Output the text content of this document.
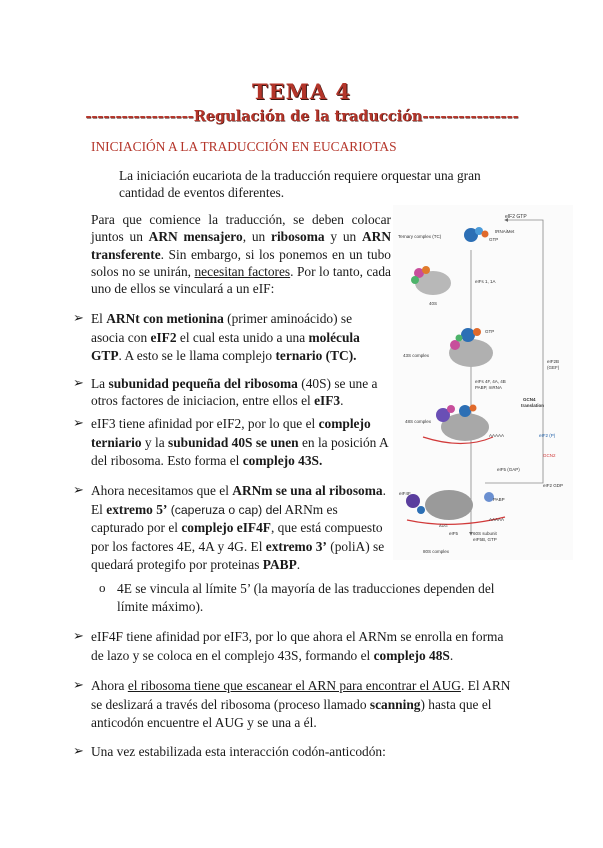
TEMA 4
------------------Regulación de la traducción----------------
INICIACIÓN A LA TRADUCCIÓN EN EUCARIOTAS

La iniciación eucariota de la traducción requiere orquestar una gran cantidad de eventos diferentes.

Para que comience la traducción, se deben colocar juntos un ARN mensajero, un ribosoma y un ARN transferente. Sin embargo, si los ponemos en un tubo solos no se unirán, necesitan factores. Por lo tanto, cada uno de ellos se vinculará a un eIF:

➢ El ARNt con metionina (primer aminoácido) se asocia con eIF2 el cual esta unido a una molécula GTP. A esto se le llama complejo ternario (TC).

➢ La subunidad pequeña del ribosoma (40S) se une a otros factores de iniciacion, entre ellos el eIF3.

➢ eIF3 tiene afinidad por eIF2, por lo que el complejo terniario y la subunidad 40S se unen en la posición A del ribosoma. Esto forma el complejo 43S.

➢ Ahora necesitamos que el ARNm se una al ribosoma. El extremo 5’ (caperuza o cap) del ARNm es capturado por el complejo eIF4F, que está compuesto por los factores 4E, 4A y 4G. El extremo 3’ (poliA) se quedará protegifo por proteinas PABP.

o 4E se vincula al límite 5’ (la mayoría de las traducciones dependen del límite máximo).

➢ eIF4F tiene afinidad por eIF3, por lo que ahora el ARNm se enrolla en forma de lazo y se coloca en el complejo 43S, formando el complejo 48S.

➢ Ahora el ribosoma tiene que escanear el ARN para encontrar el AUG. El ARN se deslizará a través del ribosoma (proceso llamado scanning) hasta que el anticodón encuentre el AUG y se una a él.

➢ Una vez estabilizada esta interacción codón-anticodón:

eIF2 GTP
tRNAiMet
Ternary complex (TC)
GTP
eIFs 1, 1A
40S
43S complex
GTP
eIFs 4F, 4A, 4B
PABP, mRNA
eIF2B
(GEF)
GCN4
translation
48S complex
AAAAA	eIF2 (P)
GCN2
eIF5 (GAP)
eIF2 GDP
eIF4F
PABP
AAAAA
eIF5	60S subunit
eIF5B, GTP
80S complex
AUG
